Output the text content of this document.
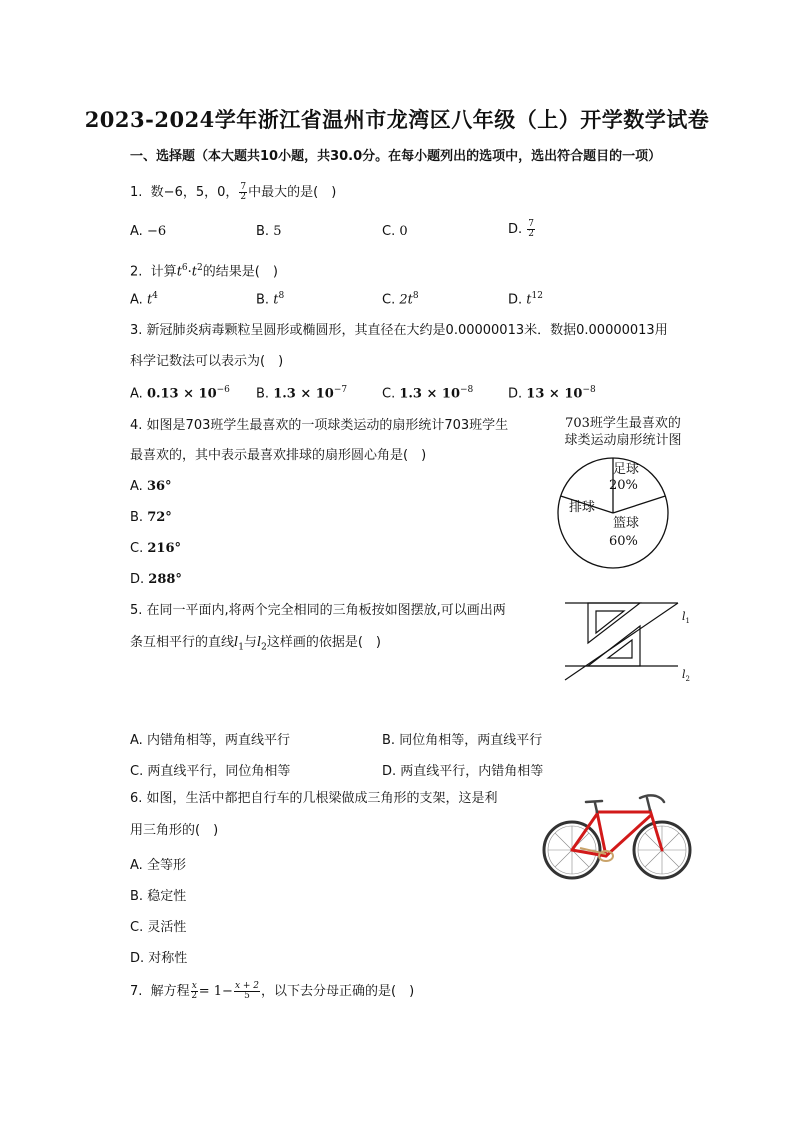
2023-2024学年浙江省温州市龙湾区八年级（上）开学数学试卷
一、选择题（本大题共10小题，共30.0分。在每小题列出的选项中，选出符合题目的一项）
1. 数−6，5，0， $\frac{7}{2}$ 中最大的是(　)
A. −6	B. 5	C. 0	D. $\frac{7}{2}$
2. 计算$t^6\cdot t^2$的结果是(　)
A. $t^4$	B. $t^8$	C. $2t^8$	D. $t^{12}$
3. 新冠肺炎病毒颗粒呈圆形或椭圆形，其直径在大约是0.00000013米．数据0.00000013用
科学记数法可以表示为(　)
A. $0.13 \times 10^{-6}$ B. $1.3 \times 10^{-7}$	C. $1.3 \times 10^{-8}$	D. $13 \times 10^{-8}$
4. 如图是703班学生最喜欢的一项球类运动的扇形统计703班学生
最喜欢的，其中表示最喜欢排球的扇形圆心角是(　)
A. 36°
B. 72°
C. 216°
D. 288°
703班学生最喜欢的
球类运动扇形统计图
足球
20%
排球
篮球
60%
5. 在同一平面内,将两个完全相同的三角板按如图摆放,可以画出两
条互相平行的直线$l_1$与$l_2$这样画的依据是(　)
$l_1$
$l_2$
A. 内错角相等，两直线平行	B. 同位角相等，两直线平行
C. 两直线平行，同位角相等	D. 两直线平行，内错角相等
6. 如图，生活中都把自行车的几根梁做成三角形的支架，这是利
用三角形的(　)
A. 全等形
B. 稳定性
C. 灵活性
D. 对称性
7. 解方程 $\frac{x}{2} = 1- \frac{x + 2}{5}$ ，以下去分母正确的是(　)
